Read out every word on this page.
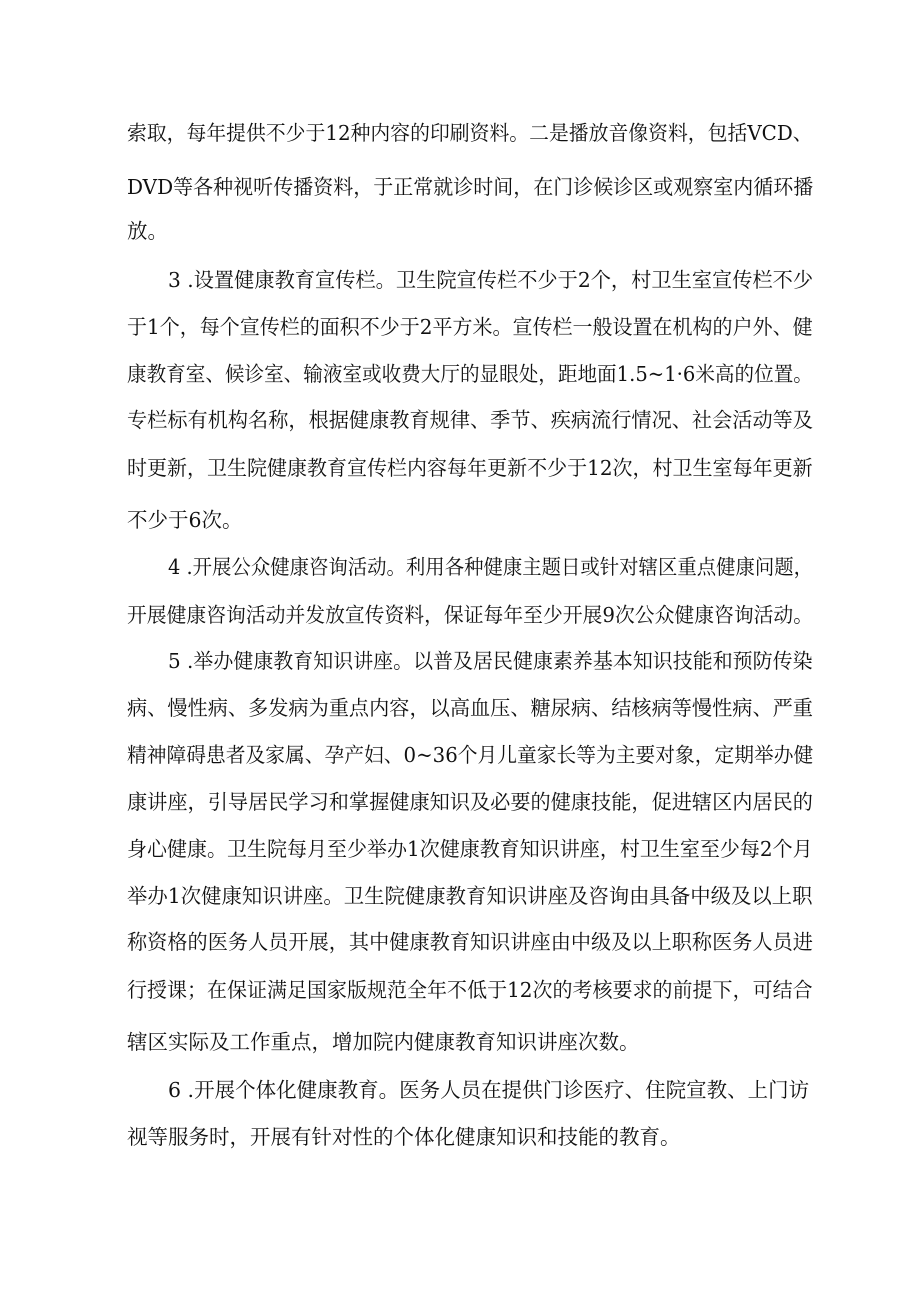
索取，每年提供不少于12种内容的印刷资料。二是播放音像资料，包括VCD、
DVD等各种视听传播资料，于正常就诊时间，在门诊候诊区或观察室内循环播
放。
3 .设置健康教育宣传栏。卫生院宣传栏不少于2个，村卫生室宣传栏不少
于1个，每个宣传栏的面积不少于2平方米。宣传栏一般设置在机构的户外、健
康教育室、候诊室、输液室或收费大厅的显眼处，距地面1.5~1·6米高的位置。
专栏标有机构名称，根据健康教育规律、季节、疾病流行情况、社会活动等及
时更新，卫生院健康教育宣传栏内容每年更新不少于12次，村卫生室每年更新
不少于6次。
4 .开展公众健康咨询活动。利用各种健康主题日或针对辖区重点健康问题，
开展健康咨询活动并发放宣传资料，保证每年至少开展9次公众健康咨询活动。
5 .举办健康教育知识讲座。以普及居民健康素养基本知识技能和预防传染
病、慢性病、多发病为重点内容，以高血压、糖尿病、结核病等慢性病、严重
精神障碍患者及家属、孕产妇、0~36个月儿童家长等为主要对象，定期举办健
康讲座，引导居民学习和掌握健康知识及必要的健康技能，促进辖区内居民的
身心健康。卫生院每月至少举办1次健康教育知识讲座，村卫生室至少每2个月
举办1次健康知识讲座。卫生院健康教育知识讲座及咨询由具备中级及以上职
称资格的医务人员开展，其中健康教育知识讲座由中级及以上职称医务人员进
行授课；在保证满足国家版规范全年不低于12次的考核要求的前提下，可结合
辖区实际及工作重点，增加院内健康教育知识讲座次数。
6 .开展个体化健康教育。医务人员在提供门诊医疗、住院宣教、上门访
视等服务时，开展有针对性的个体化健康知识和技能的教育。
